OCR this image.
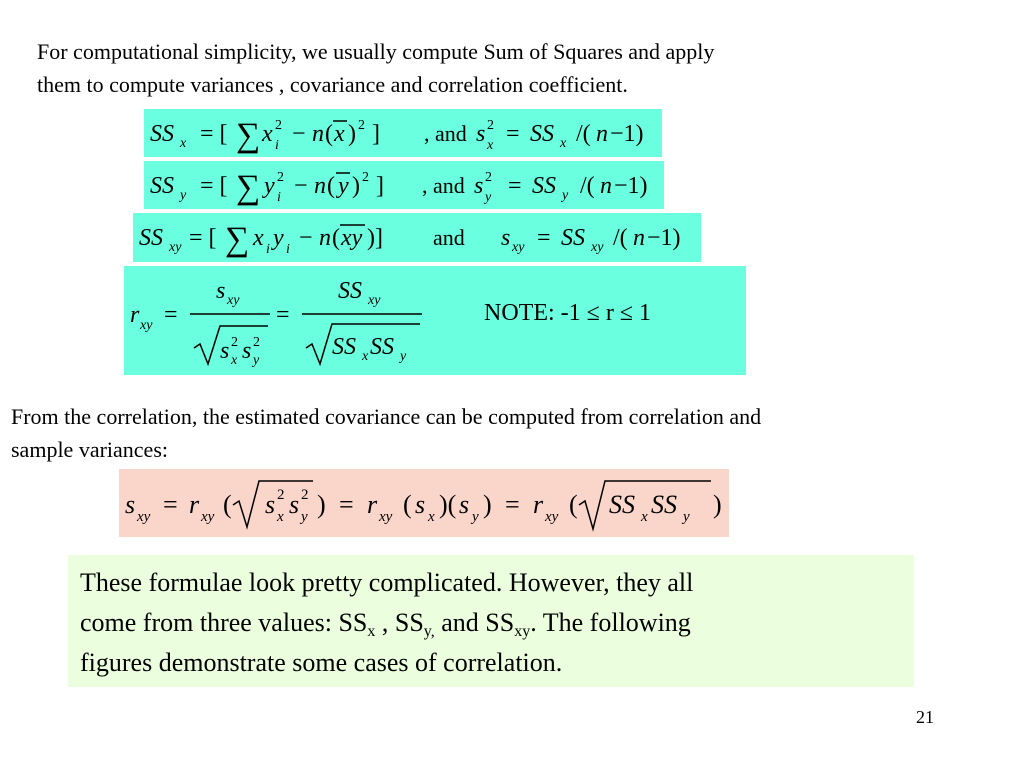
For computational simplicity, we usually compute Sum of Squares and apply
them to compute variances , covariance and correlation coefficient.
SS x = [ ∑ x 2
i − n ( x ) 2 ] , and s 2
x = SS x /( n −1)
SS y = [ ∑ y 2
i − n ( y ) 2 ] , and s 2
y = SS y /( n −1)
SS xy = [ ∑ x i y i − n ( xy )] and s xy = SS xy /( n −1)
r xy =
s xy
s 2
x s 2
y
=
SS xy
SS x SS y
NOTE: -1 ≤ r ≤ 1
From the correlation, the estimated covariance can be computed from correlation and
sample variances:
s xy = r xy ( s 2
x s 2
y ) = r xy ( s x )( s y ) = r xy ( SS x SS y )
These formulae look pretty complicated. However, they all
come from three values: $SS_x$ , $SS_{y,}$ and $SS_{xy}$. The following
figures demonstrate some cases of correlation.
21
